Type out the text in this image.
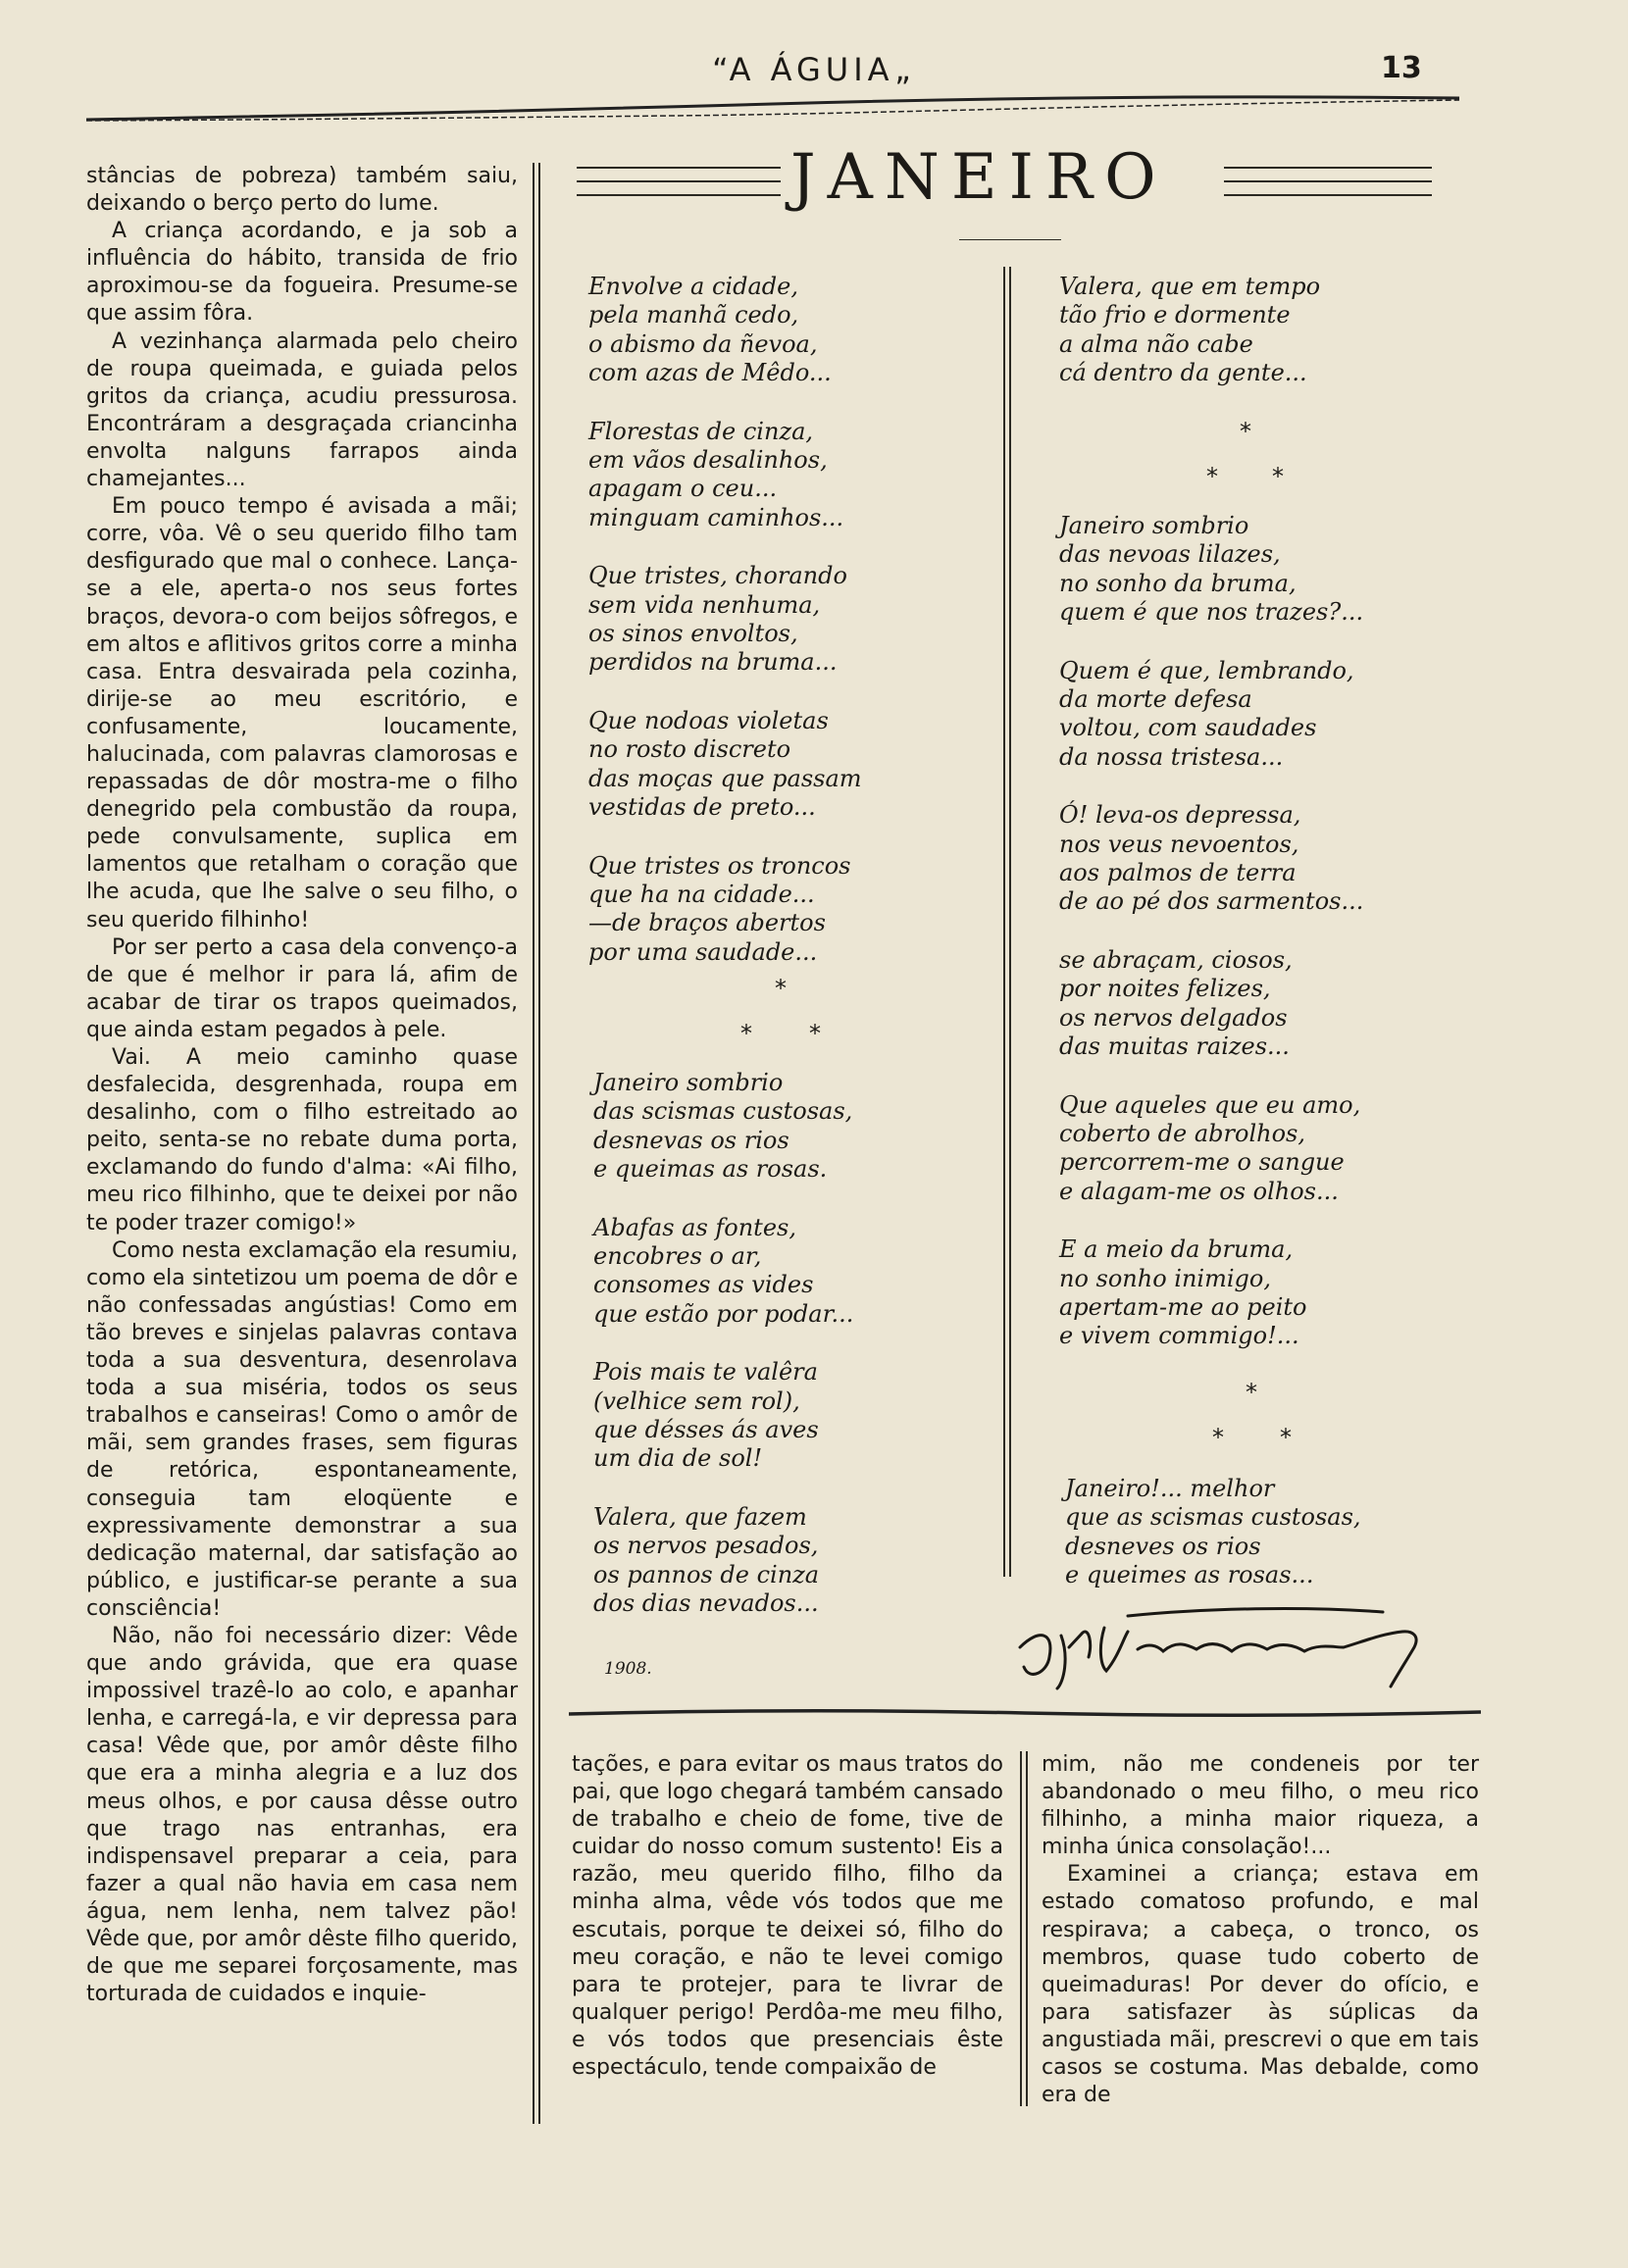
“A ÁGUIA„	13

stâncias de pobreza) também saiu, deixando o berço perto do lume.

A criança acordando, e ja sob a influência do hábito, transida de frio aproximou-se da fogueira. Presume-se que assim fôra.

A vezinhança alarmada pelo cheiro de roupa queimada, e guiada pelos gritos da criança, acudiu pressurosa. Encontráram a desgraçada criancinha envolta nalguns farrapos ainda chamejantes...

Em pouco tempo é avisada a mãi; corre, vôa. Vê o seu querido filho tam desfigurado que mal o conhece. Lança-se a ele, aperta-o nos seus fortes braços, devora-o com beijos sôfregos, e em altos e aflitivos gritos corre a minha casa. Entra desvairada pela cozinha, dirije-se ao meu escritório, e confusamente, loucamente, halucinada, com palavras clamorosas e repassadas de dôr mostra-me o filho denegrido pela combustão da roupa, pede convulsamente, suplica em lamentos que retalham o coração que lhe acuda, que lhe salve o seu filho, o seu querido filhinho!

Por ser perto a casa dela convenço-a de que é melhor ir para lá, afim de acabar de tirar os trapos queimados, que ainda estam pegados à pele.

Vai. A meio caminho quase desfalecida, desgrenhada, roupa em desalinho, com o filho estreitado ao peito, senta-se no rebate duma porta, exclamando do fundo d'alma: «Ai filho, meu rico filhinho, que te deixei por não te poder trazer comigo!»

Como nesta exclamação ela resumiu, como ela sintetizou um poema de dôr e não confessadas angústias! Como em tão breves e sinjelas palavras contava toda a sua desventura, desenrolava toda a sua miséria, todos os seus trabalhos e canseiras! Como o amôr de mãi, sem grandes frases, sem figuras de retórica, espontaneamente, conseguia tam eloqüente e expressivamente demonstrar a sua dedicação maternal, dar satisfação ao público, e justificar-se perante a sua consciência!

Não, não foi necessário dizer: Vêde que ando grávida, que era quase impossivel trazê-lo ao colo, e apanhar lenha, e carregá-la, e vir depressa para casa! Vêde que, por amôr dêste filho que era a minha alegria e a luz dos meus olhos, e por causa dêsse outro que trago nas entranhas, era indispensavel preparar a ceia, para fazer a qual não havia em casa nem água, nem lenha, nem talvez pão! Vêde que, por amôr dêste filho querido, de que me separei forçosamente, mas torturada de cuidados e inquie-

JANEIRO
Envolve a cidade,
pela manhã cedo,
o abismo da ñevoa,
com azas de Mêdo...
Florestas de cinza,
em vãos desalinhos,
apagam o ceu...
minguam caminhos...
Que tristes, chorando
sem vida nenhuma,
os sinos envoltos,
perdidos na bruma...
Que nodoas violetas
no rosto discreto
das moças que passam
vestidas de preto...
Que tristes os troncos
que ha na cidade...
—de braços abertos
por uma saudade...
*
* *
Janeiro sombrio
das scismas custosas,
desnevas os rios
e queimas as rosas.
Abafas as fontes,
encobres o ar,
consomes as vides
que estão por podar...
Pois mais te valêra
(velhice sem rol),
que désses ás aves
um dia de sol!
Valera, que fazem
os nervos pesados,
os pannos de cinza
dos dias nevados...
Valera, que em tempo
tão frio e dormente
a alma não cabe
cá dentro da gente...
*
* *
Janeiro sombrio
das nevoas lilazes,
no sonho da bruma,
quem é que nos trazes?...
Quem é que, lembrando,
da morte defesa
voltou, com saudades
da nossa tristesa...
Ó! leva-os depressa,
nos veus nevoentos,
aos palmos de terra
de ao pé dos sarmentos...
se abraçam, ciosos,
por noites felizes,
os nervos delgados
das muitas raizes...
Que aqueles que eu amo,
coberto de abrolhos,
percorrem-me o sangue
e alagam-me os olhos...
E a meio da bruma,
no sonho inimigo,
apertam-me ao peito
e vivem commigo!...
*
* *
Janeiro!... melhor
que as scismas custosas,
desneves os rios
e queimes as rosas...
1908.

tações, e para evitar os maus tratos do pai, que logo chegará também cansado de trabalho e cheio de fome, tive de cuidar do nosso comum sustento! Eis a razão, meu querido filho, filho da minha alma, vêde vós todos que me escutais, porque te deixei só, filho do meu coração, e não te levei comigo para te protejer, para te livrar de qualquer perigo! Perdôa-me meu filho, e vós todos que presenciais êste espectáculo, tende compaixão de

mim, não me condeneis por ter abandonado o meu filho, o meu rico filhinho, a minha maior riqueza, a minha única consolação!...

Examinei a criança; estava em estado comatoso profundo, e mal respirava; a cabeça, o tronco, os membros, quase tudo coberto de queimaduras! Por dever do ofício, e para satisfazer às súplicas da angustiada mãi, prescrevi o que em tais casos se costuma. Mas debalde, como era de
